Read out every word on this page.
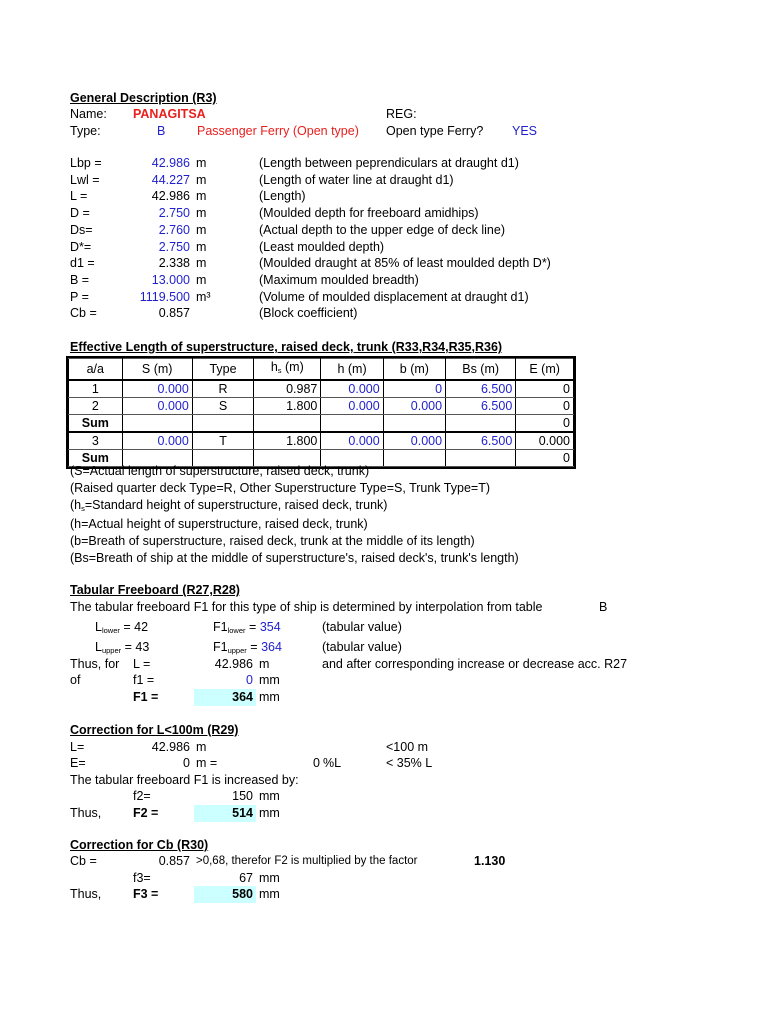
General Description (R3)
Name: PANAGITSA	REG:
Type:	B	Passenger Ferry (Open type) Open type Ferry? YES
Lbp =	42.986 m	(Length between peprendiculars at draught d1)
Lwl =	44.227 m	(Length of water line at draught d1)
L =	42.986 m	(Length)
D =	2.750 m	(Moulded depth for freeboard amidhips)
Ds=	2.760 m	(Actual depth to the upper edge of deck line)
D*=	2.750 m	(Least moulded depth)
d1 =	2.338 m	(Moulded draught at 85% of least moulded depth D*)
B =	13.000 m	(Maximum moulded breadth)
P =	1119.500 m³	(Volume of moulded displacement at draught d1)
Cb =	0.857	(Block coefficient)
Effective Length of superstructure, raised deck, trunk (R33,R34,R35,R36)
a/a	S (m)	Type	$h_s$ (m)	h (m)	b (m)	Bs (m)	E (m)
1	0.000	R	0.987	0.000	0	6.500	0
2	0.000	S	1.800	0.000	0.000	6.500	0
Sum							0
3	0.000	T	1.800	0.000	0.000	6.500	0.000
Sum							0
(S=Actual length of superstructure, raised deck, trunk)
(Raised quarter deck Type=R, Other Superstructure Type=S, Trunk Type=T)
($h_s=Standard$ height of superstructure, raised deck, trunk)
(h=Actual height of superstructure, raised deck, trunk)
(b=Breath of superstructure, raised deck, trunk at the middle of its length)
(Bs=Breath of ship at the middle of superstructure's, raised deck's, trunk's length)
Tabular Freeboard (R27,R28)
The tabular freeboard F1 for this type of ship is determined by interpolation from table	B
$L_{lower} = 42$	$F1_{lower} = 354$	(tabular value)
$L_{upper} = 43$	$F1_{upper} = 364$	(tabular value)
Thus, for L =	42.986 m	and after corresponding increase or decrease acc. R27
of	f1 =	0 mm
F1 =	364 mm
Correction for L<100m (R29)
L=	42.986 m	<100 m
E=	0 m =	0 %L	< 35% L
The tabular freeboard F1 is increased by:
f2=	150 mm
Thus,	F2 =	514 mm
Correction for Cb (R30)
Cb =	0.857 >0,68, therefor F2 is multiplied by the factor	1.130
f3=	67 mm
Thus,	F3 =	580 mm
